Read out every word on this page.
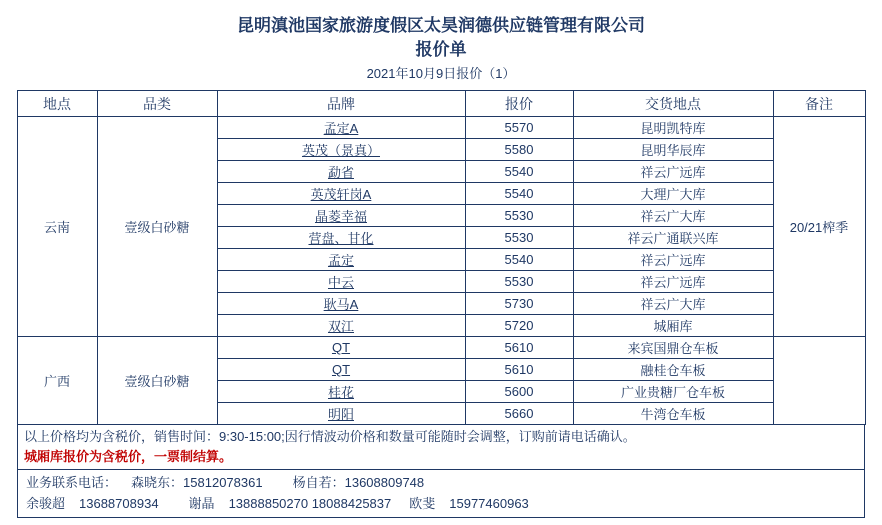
昆明滇池国家旅游度假区太昊润德供应链管理有限公司
报价单
2021年10月9日报价（1）
地点	品类	品牌	报价	交货地点	备注
云南	壹级白砂糖	孟定A	5570	昆明凯特库	20/21榨季
		英茂（景真）	5580	昆明华辰库	
		勐省	5540	祥云广远库	
		英茂轩岗A	5540	大理广大库	
		晶菱幸福	5530	祥云广大库	
		营盘、甘化	5530	祥云广通联兴库	
		孟定	5540	祥云广远库	
		中云	5530	祥云广远库	
		耿马A	5730	祥云广大库	
		双江	5720	城厢库	
广西	壹级白砂糖	QT	5610	来宾国鼎仓车板	
		QT	5610	融桂仓车板	
		桂花	5600	广业贵糖厂仓车板	
		明阳	5660	牛湾仓车板	
以上价格均为含税价，销售时间：9:30-15:00;因行情波动价格和数量可能随时会调整，订购前请电话确认。
城厢库报价为含税价，一票制结算。
业务联系电话： 森晓东：15812078361 杨自若：13608809748
余骏超 13688708934 谢晶 13888850270 18088425837 欧斐 15977460963
